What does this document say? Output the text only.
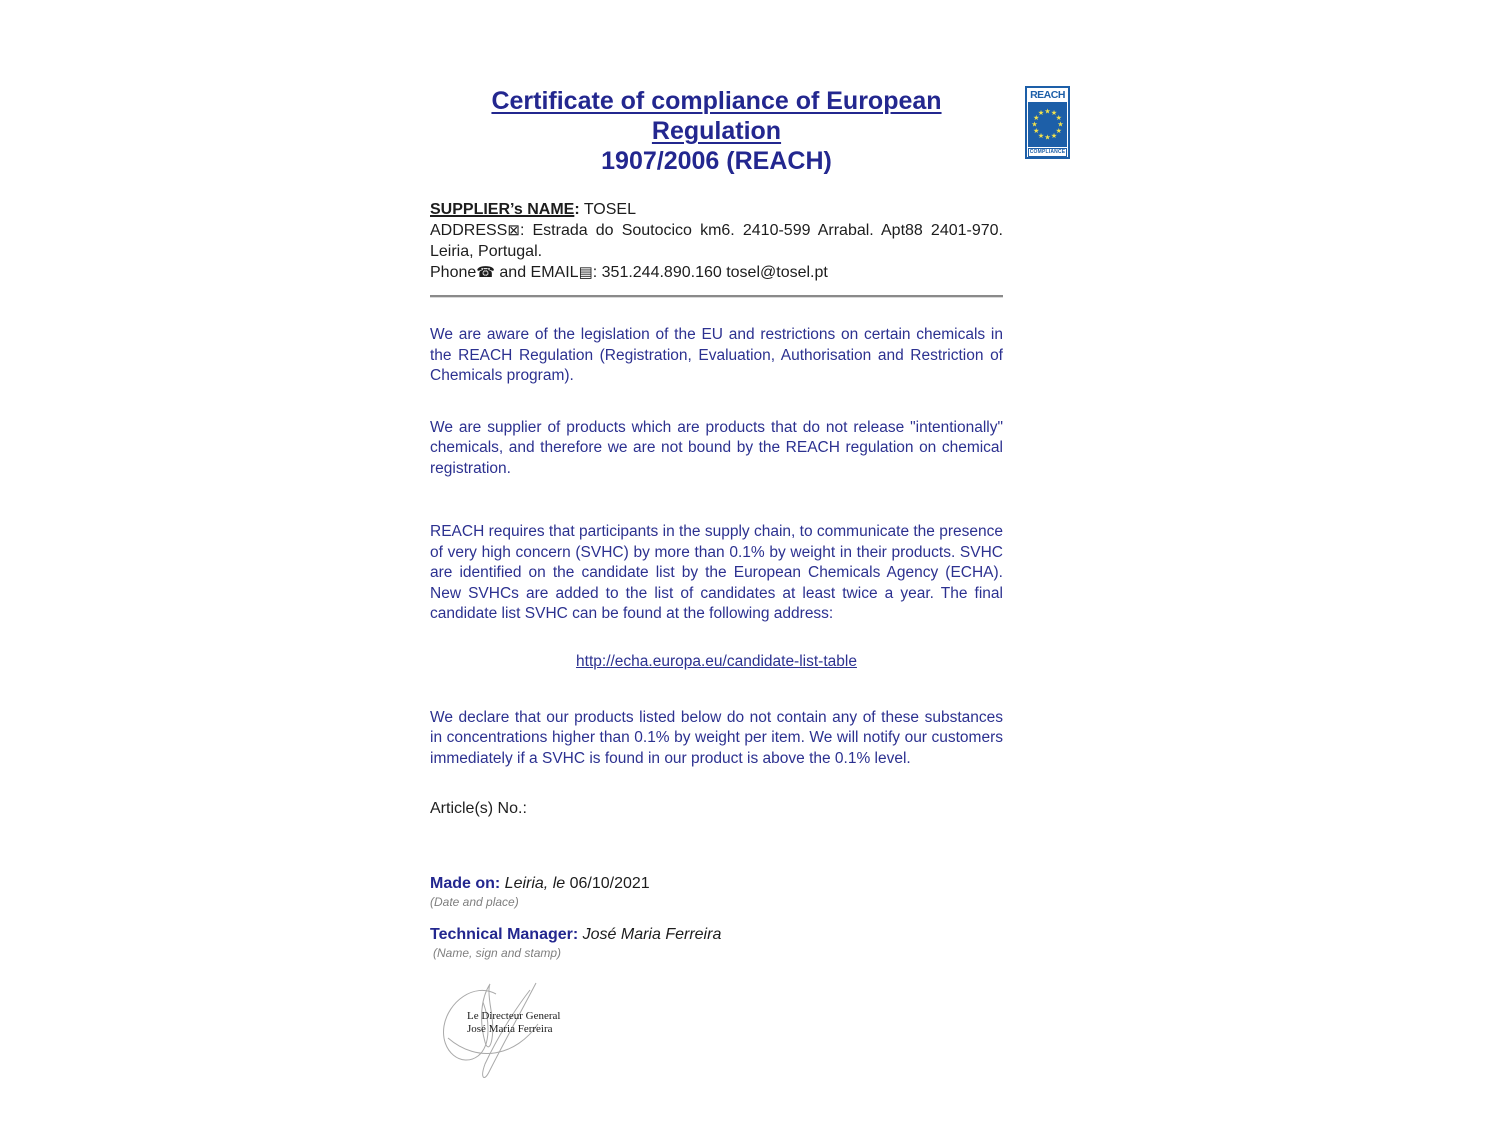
REACH
★ ★
★
★
★
★
★
★
★
★
★
★
COMPLIANCE
Certificate of compliance of European Regulation
1907/2006 (REACH)

SUPPLIER’s NAME: TOSEL

ADDRESS⊠: Estrada do Soutocico km6. 2410-599 Arrabal. Apt88 2401-970. Leiria, Portugal.

Phone☎ and EMAIL▤: 351.244.890.160 tosel@tosel.pt

We are aware of the legislation of the EU and restrictions on certain chemicals in the REACH Regulation (Registration, Evaluation, Authorisation and Restriction of Chemicals program).

We are supplier of products which are products that do not release "intentionally" chemicals, and therefore we are not bound by the REACH regulation on chemical registration.

REACH requires that participants in the supply chain, to communicate the presence of very high concern (SVHC) by more than 0.1% by weight in their products. SVHC are identified on the candidate list by the European Chemicals Agency (ECHA). New SVHCs are added to the list of candidates at least twice a year. The final candidate list SVHC can be found at the following address:

http://echa.europa.eu/candidate-list-table

We declare that our products listed below do not contain any of these substances in concentrations higher than 0.1% by weight per item. We will notify our customers immediately if a SVHC is found in our product is above the 0.1% level.

Article(s) No.:

Made on: Leiria, le 06/10/2021

(Date and place)

Technical Manager: José Maria Ferreira

(Name, sign and stamp)

Le Directeur General
José Maria Ferreira
